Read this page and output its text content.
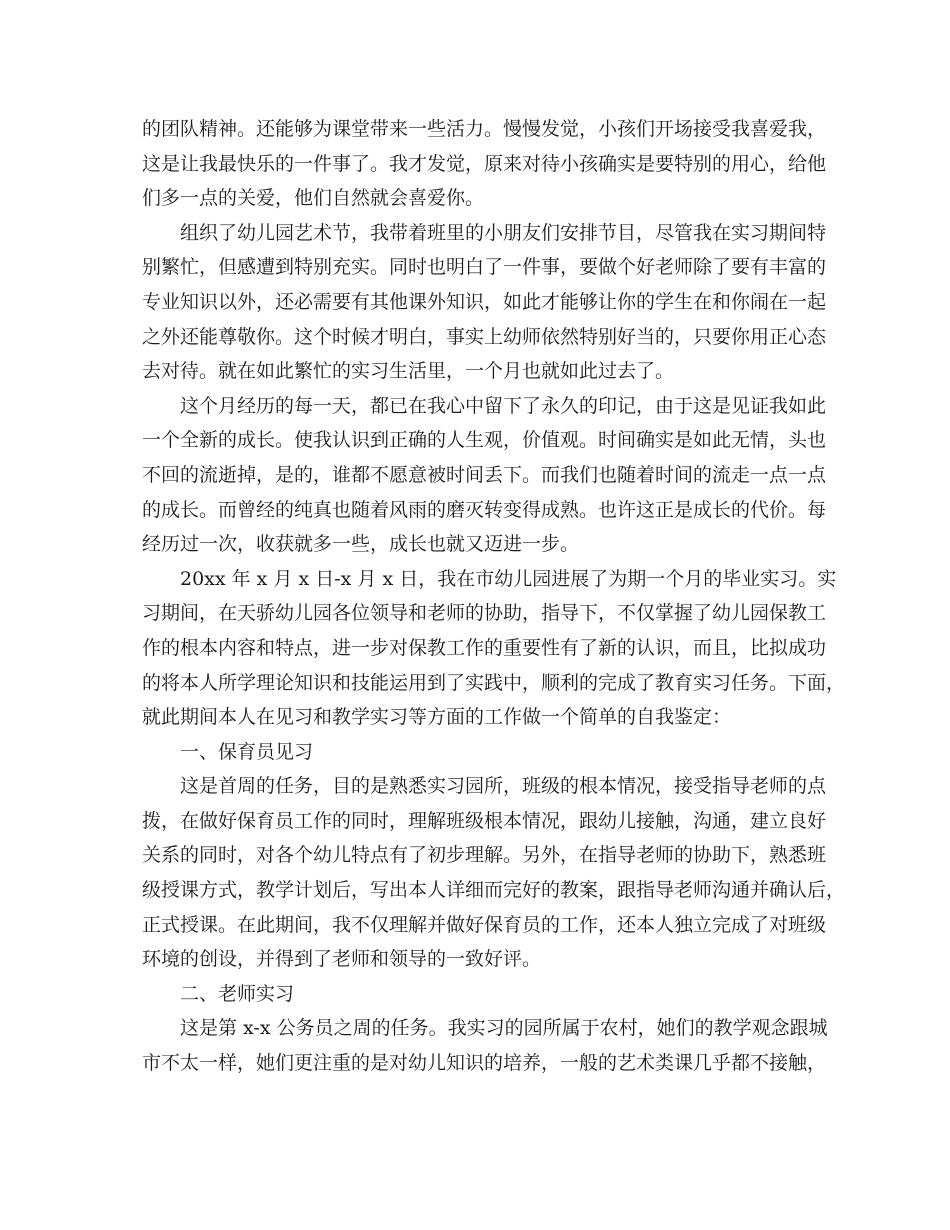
的团队精神。还能够为课堂带来一些活力。慢慢发觉，小孩们开场接受我喜爱我，
这是让我最快乐的一件事了。我才发觉，原来对待小孩确实是要特别的用心，给他
们多一点的关爱，他们自然就会喜爱你。
组织了幼儿园艺术节，我带着班里的小朋友们安排节目，尽管我在实习期间特
别繁忙，但感遭到特别充实。同时也明白了一件事，要做个好老师除了要有丰富的
专业知识以外，还必需要有其他课外知识，如此才能够让你的学生在和你闹在一起
之外还能尊敬你。这个时候才明白，事实上幼师依然特别好当的，只要你用正心态
去对待。就在如此繁忙的实习生活里，一个月也就如此过去了。
这个月经历的每一天，都已在我心中留下了永久的印记，由于这是见证我如此
一个全新的成长。使我认识到正确的人生观，价值观。时间确实是如此无情，头也
不回的流逝掉，是的，谁都不愿意被时间丢下。而我们也随着时间的流走一点一点
的成长。而曾经的纯真也随着风雨的磨灭转变得成熟。也许这正是成长的代价。每
经历过一次，收获就多一些，成长也就又迈进一步。
20xx 年 x 月 x 日-x 月 x 日，我在市幼儿园进展了为期一个月的毕业实习。实
习期间，在天骄幼儿园各位领导和老师的协助，指导下，不仅掌握了幼儿园保教工
作的根本内容和特点，进一步对保教工作的重要性有了新的认识，而且，比拟成功
的将本人所学理论知识和技能运用到了实践中，顺利的完成了教育实习任务。下面，
就此期间本人在见习和教学实习等方面的工作做一个简单的自我鉴定：
一、保育员见习
这是首周的任务，目的是熟悉实习园所，班级的根本情况，接受指导老师的点
拨，在做好保育员工作的同时，理解班级根本情况，跟幼儿接触，沟通，建立良好
关系的同时，对各个幼儿特点有了初步理解。另外，在指导老师的协助下，熟悉班
级授课方式，教学计划后，写出本人详细而完好的教案，跟指导老师沟通并确认后，
正式授课。在此期间，我不仅理解并做好保育员的工作，还本人独立完成了对班级
环境的创设，并得到了老师和领导的一致好评。
二、老师实习
这是第 x-x 公务员之周的任务。我实习的园所属于农村，她们的教学观念跟城
市不太一样，她们更注重的是对幼儿知识的培养，一般的艺术类课几乎都不接触，
